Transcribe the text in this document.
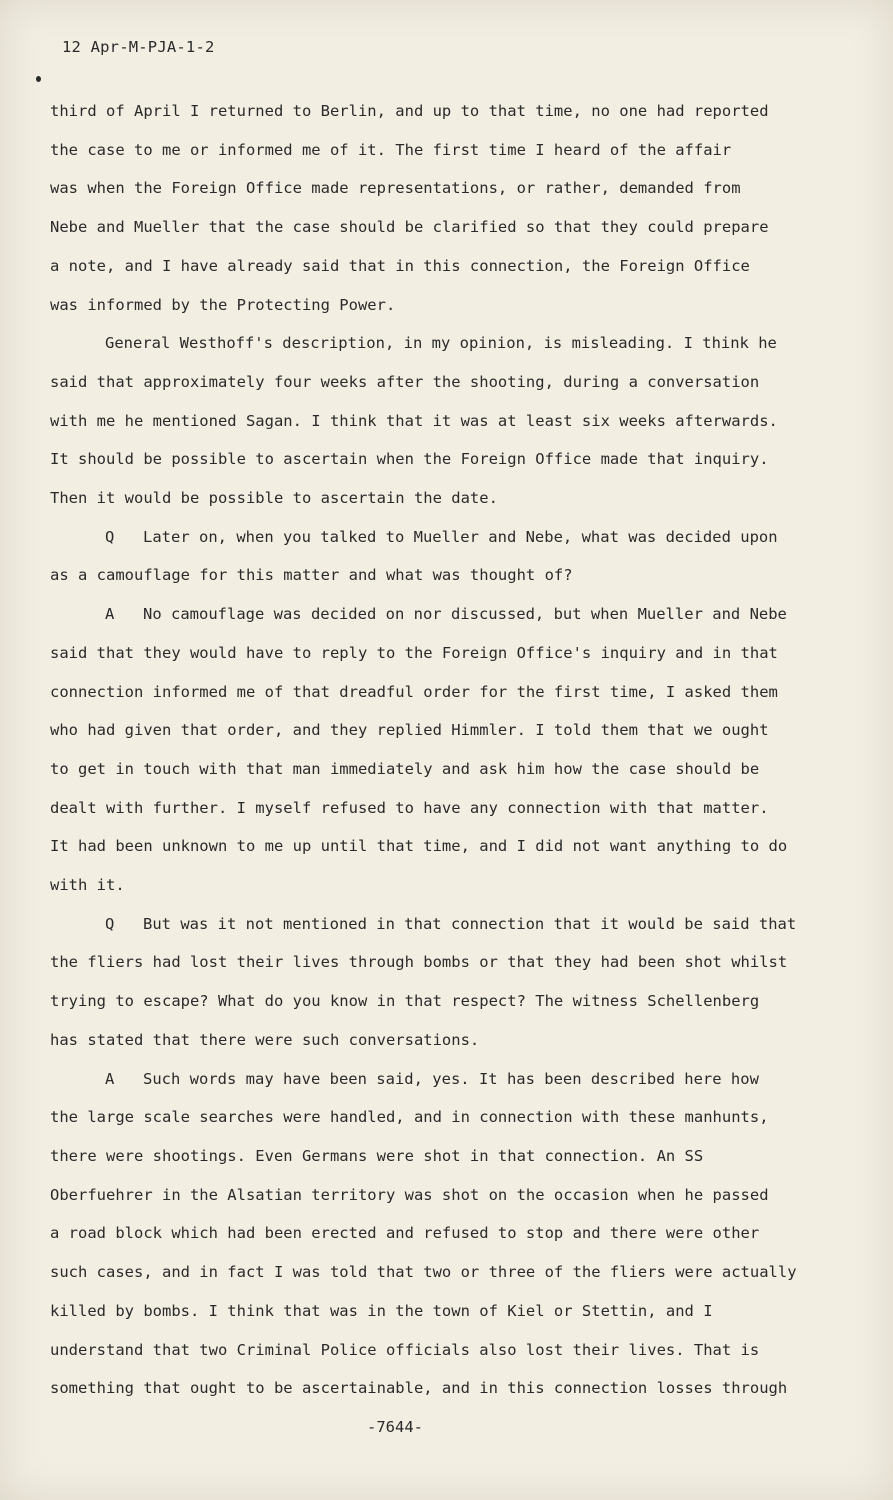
12 Apr-M-PJA-1-2
third of April I returned to Berlin, and up to that time, no one had reported
the case to me or informed me of it. The first time I heard of the affair
was when the Foreign Office made representations, or rather, demanded from
Nebe and Mueller that the case should be clarified so that they could prepare
a note, and I have already said that in this connection, the Foreign Office
was informed by the Protecting Power.
General Westhoff's description, in my opinion, is misleading. I think he
said that approximately four weeks after the shooting, during a conversation
with me he mentioned Sagan. I think that it was at least six weeks afterwards.
It should be possible to ascertain when the Foreign Office made that inquiry.
Then it would be possible to ascertain the date.
Q Later on, when you talked to Mueller and Nebe, what was decided upon
as a camouflage for this matter and what was thought of?
A No camouflage was decided on nor discussed, but when Mueller and Nebe
said that they would have to reply to the Foreign Office's inquiry and in that
connection informed me of that dreadful order for the first time, I asked them
who had given that order, and they replied Himmler. I told them that we ought
to get in touch with that man immediately and ask him how the case should be
dealt with further. I myself refused to have any connection with that matter.
It had been unknown to me up until that time, and I did not want anything to do
with it.
Q But was it not mentioned in that connection that it would be said that
the fliers had lost their lives through bombs or that they had been shot whilst
trying to escape? What do you know in that respect? The witness Schellenberg
has stated that there were such conversations.
A Such words may have been said, yes. It has been described here how
the large scale searches were handled, and in connection with these manhunts,
there were shootings. Even Germans were shot in that connection. An SS
Oberfuehrer in the Alsatian territory was shot on the occasion when he passed
a road block which had been erected and refused to stop and there were other
such cases, and in fact I was told that two or three of the fliers were actually
killed by bombs. I think that was in the town of Kiel or Stettin, and I
understand that two Criminal Police officials also lost their lives. That is
something that ought to be ascertainable, and in this connection losses through
-7644-
